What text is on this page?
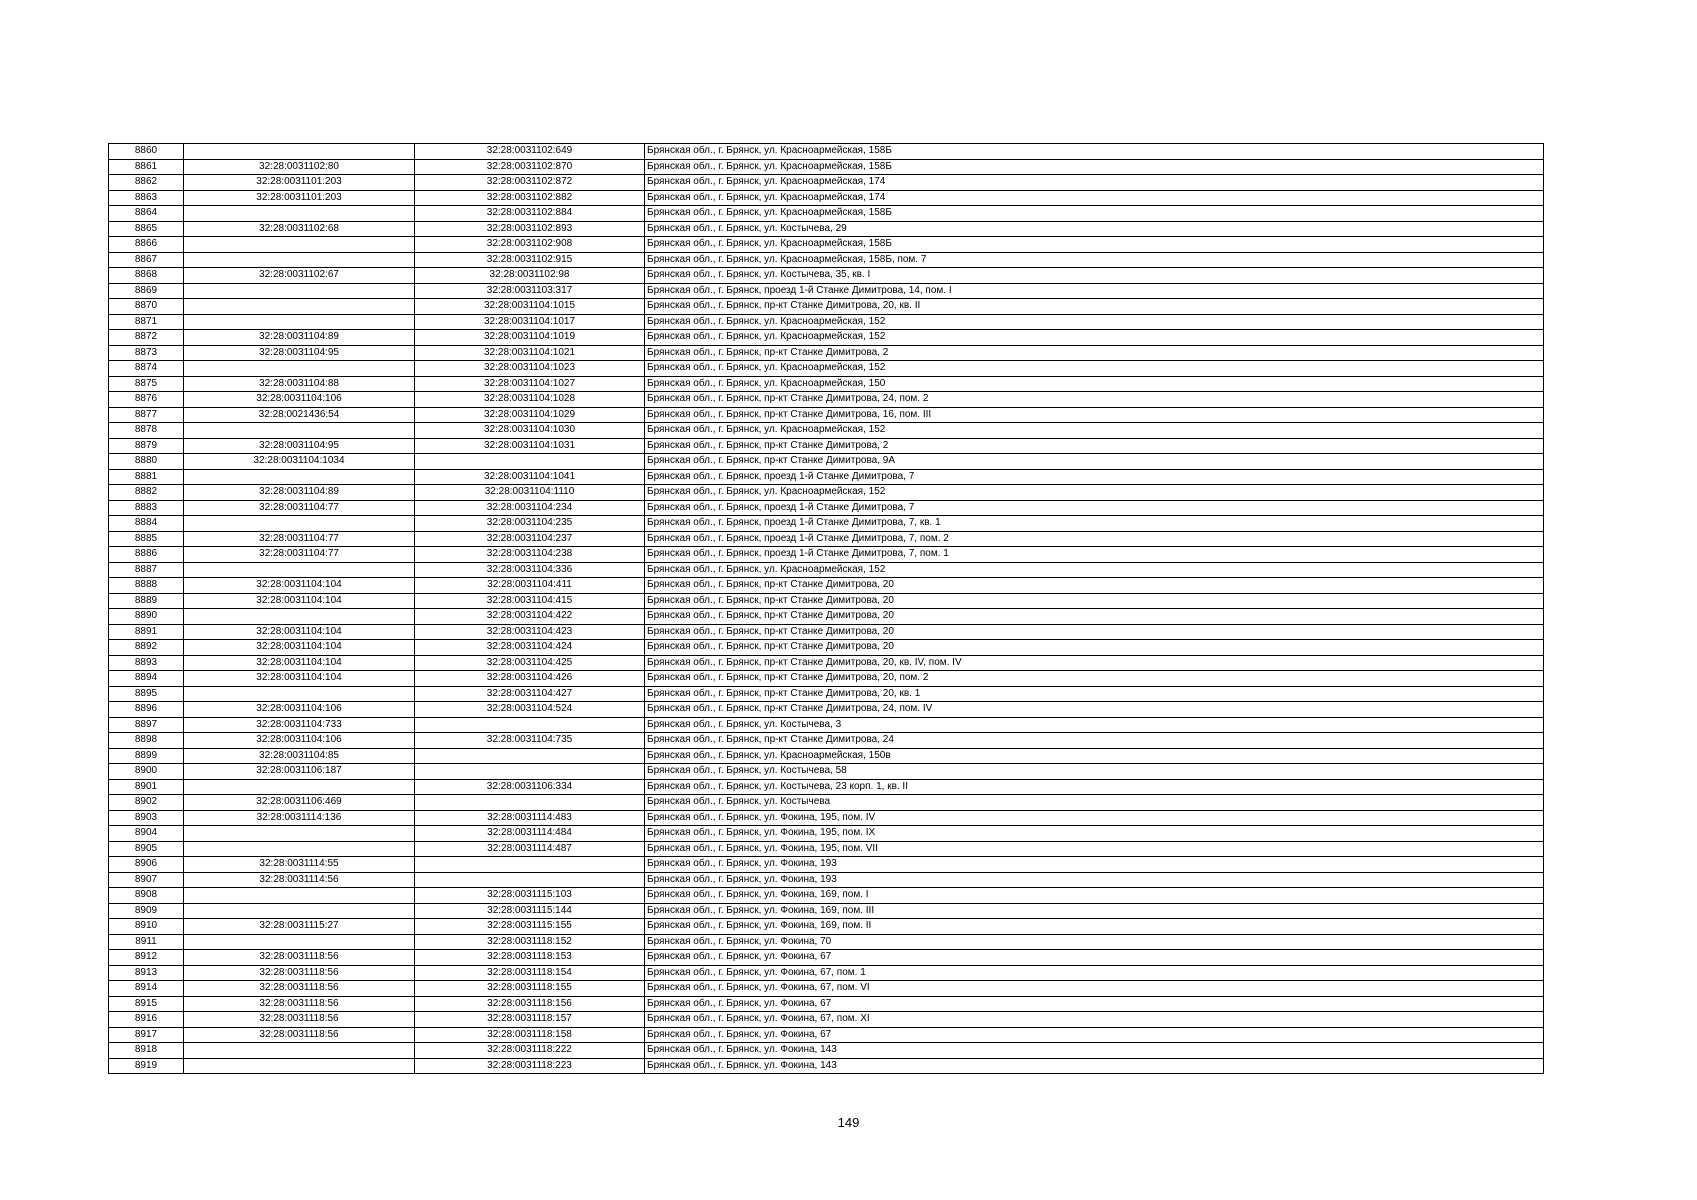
8860		32:28:0031102:649	Брянская обл., г. Брянск, ул. Красноармейская, 158Б
8861	32:28:0031102:80	32:28:0031102:870	Брянская обл., г. Брянск, ул. Красноармейская, 158Б
8862	32:28:0031101:203	32:28:0031102:872	Брянская обл., г. Брянск, ул. Красноармейская, 174
8863	32:28:0031101:203	32:28:0031102:882	Брянская обл., г. Брянск, ул. Красноармейская, 174
8864		32:28:0031102:884	Брянская обл., г. Брянск, ул. Красноармейская, 158Б
8865	32:28:0031102:68	32:28:0031102:893	Брянская обл., г. Брянск, ул. Костычева, 29
8866		32:28:0031102:908	Брянская обл., г. Брянск, ул. Красноармейская, 158Б
8867		32:28:0031102:915	Брянская обл., г. Брянск, ул. Красноармейская, 158Б, пом. 7
8868	32:28:0031102:67	32:28:0031102:98	Брянская обл., г. Брянск, ул. Костычева, 35, кв. I
8869		32:28:0031103:317	Брянская обл., г. Брянск, проезд 1-й Станке Димитрова, 14, пом. I
8870		32:28:0031104:1015	Брянская обл., г. Брянск, пр-кт Станке Димитрова, 20, кв. II
8871		32:28:0031104:1017	Брянская обл., г. Брянск, ул. Красноармейская, 152
8872	32:28:0031104:89	32:28:0031104:1019	Брянская обл., г. Брянск, ул. Красноармейская, 152
8873	32:28:0031104:95	32:28:0031104:1021	Брянская обл., г. Брянск, пр-кт Станке Димитрова, 2
8874		32:28:0031104:1023	Брянская обл., г. Брянск, ул. Красноармейская, 152
8875	32:28:0031104:88	32:28:0031104:1027	Брянская обл., г. Брянск, ул. Красноармейская, 150
8876	32:28:0031104:106	32:28:0031104:1028	Брянская обл., г. Брянск, пр-кт Станке Димитрова, 24, пом. 2
8877	32:28:0021436:54	32:28:0031104:1029	Брянская обл., г. Брянск, пр-кт Станке Димитрова, 16, пом. III
8878		32:28:0031104:1030	Брянская обл., г. Брянск, ул. Красноармейская, 152
8879	32:28:0031104:95	32:28:0031104:1031	Брянская обл., г. Брянск, пр-кт Станке Димитрова, 2
8880	32:28:0031104:1034		Брянская обл., г. Брянск, пр-кт Станке Димитрова, 9А
8881		32:28:0031104:1041	Брянская обл., г. Брянск, проезд 1-й Станке Димитрова, 7
8882	32:28:0031104:89	32:28:0031104:1110	Брянская обл., г. Брянск, ул. Красноармейская, 152
8883	32:28:0031104:77	32:28:0031104:234	Брянская обл., г. Брянск, проезд 1-й Станке Димитрова, 7
8884		32:28:0031104:235	Брянская обл., г. Брянск, проезд 1-й Станке Димитрова, 7, кв. 1
8885	32:28:0031104:77	32:28:0031104:237	Брянская обл., г. Брянск, проезд 1-й Станке Димитрова, 7, пом. 2
8886	32:28:0031104:77	32:28:0031104:238	Брянская обл., г. Брянск, проезд 1-й Станке Димитрова, 7, пом. 1
8887		32:28:0031104:336	Брянская обл., г. Брянск, ул. Красноармейская, 152
8888	32:28:0031104:104	32:28:0031104:411	Брянская обл., г. Брянск, пр-кт Станке Димитрова, 20
8889	32:28:0031104:104	32:28:0031104:415	Брянская обл., г. Брянск, пр-кт Станке Димитрова, 20
8890		32:28:0031104:422	Брянская обл., г. Брянск, пр-кт Станке Димитрова, 20
8891	32:28:0031104:104	32:28:0031104:423	Брянская обл., г. Брянск, пр-кт Станке Димитрова, 20
8892	32:28:0031104:104	32:28:0031104:424	Брянская обл., г. Брянск, пр-кт Станке Димитрова, 20
8893	32:28:0031104:104	32:28:0031104:425	Брянская обл., г. Брянск, пр-кт Станке Димитрова, 20, кв. IV, пом. IV
8894	32:28:0031104:104	32:28:0031104:426	Брянская обл., г. Брянск, пр-кт Станке Димитрова, 20, пом. 2
8895		32:28:0031104:427	Брянская обл., г. Брянск, пр-кт Станке Димитрова, 20, кв. 1
8896	32:28:0031104:106	32:28:0031104:524	Брянская обл., г. Брянск, пр-кт Станке Димитрова, 24, пом. IV
8897	32:28:0031104:733		Брянская обл., г. Брянск, ул. Костычева, 3
8898	32:28:0031104:106	32:28:0031104:735	Брянская обл., г. Брянск, пр-кт Станке Димитрова, 24
8899	32:28:0031104:85		Брянская обл., г. Брянск, ул. Красноармейская, 150в
8900	32:28:0031106:187		Брянская обл., г. Брянск, ул. Костычева, 58
8901		32:28:0031106:334	Брянская обл., г. Брянск, ул. Костычева, 23 корп. 1, кв. II
8902	32:28:0031106:469		Брянская обл., г. Брянск, ул. Костычева
8903	32:28:0031114:136	32:28:0031114:483	Брянская обл., г. Брянск, ул. Фокина, 195, пом. IV
8904		32:28:0031114:484	Брянская обл., г. Брянск, ул. Фокина, 195, пом. IX
8905		32:28:0031114:487	Брянская обл., г. Брянск, ул. Фокина, 195, пом. VII
8906	32:28:0031114:55		Брянская обл., г. Брянск, ул. Фокина, 193
8907	32:28:0031114:56		Брянская обл., г. Брянск, ул. Фокина, 193
8908		32:28:0031115:103	Брянская обл., г. Брянск, ул. Фокина, 169, пом. I
8909		32:28:0031115:144	Брянская обл., г. Брянск, ул. Фокина, 169, пом. III
8910	32:28:0031115:27	32:28:0031115:155	Брянская обл., г. Брянск, ул. Фокина, 169, пом. II
8911		32:28:0031118:152	Брянская обл., г. Брянск, ул. Фокина, 70
8912	32:28:0031118:56	32:28:0031118:153	Брянская обл., г. Брянск, ул. Фокина, 67
8913	32:28:0031118:56	32:28:0031118:154	Брянская обл., г. Брянск, ул. Фокина, 67, пом. 1
8914	32:28:0031118:56	32:28:0031118:155	Брянская обл., г. Брянск, ул. Фокина, 67, пом. VI
8915	32:28:0031118:56	32:28:0031118:156	Брянская обл., г. Брянск, ул. Фокина, 67
8916	32:28:0031118:56	32:28:0031118:157	Брянская обл., г. Брянск, ул. Фокина, 67, пом. XI
8917	32:28:0031118:56	32:28:0031118:158	Брянская обл., г. Брянск, ул. Фокина, 67
8918		32:28:0031118:222	Брянская обл., г. Брянск, ул. Фокина, 143
8919		32:28:0031118:223	Брянская обл., г. Брянск, ул. Фокина, 143
149
